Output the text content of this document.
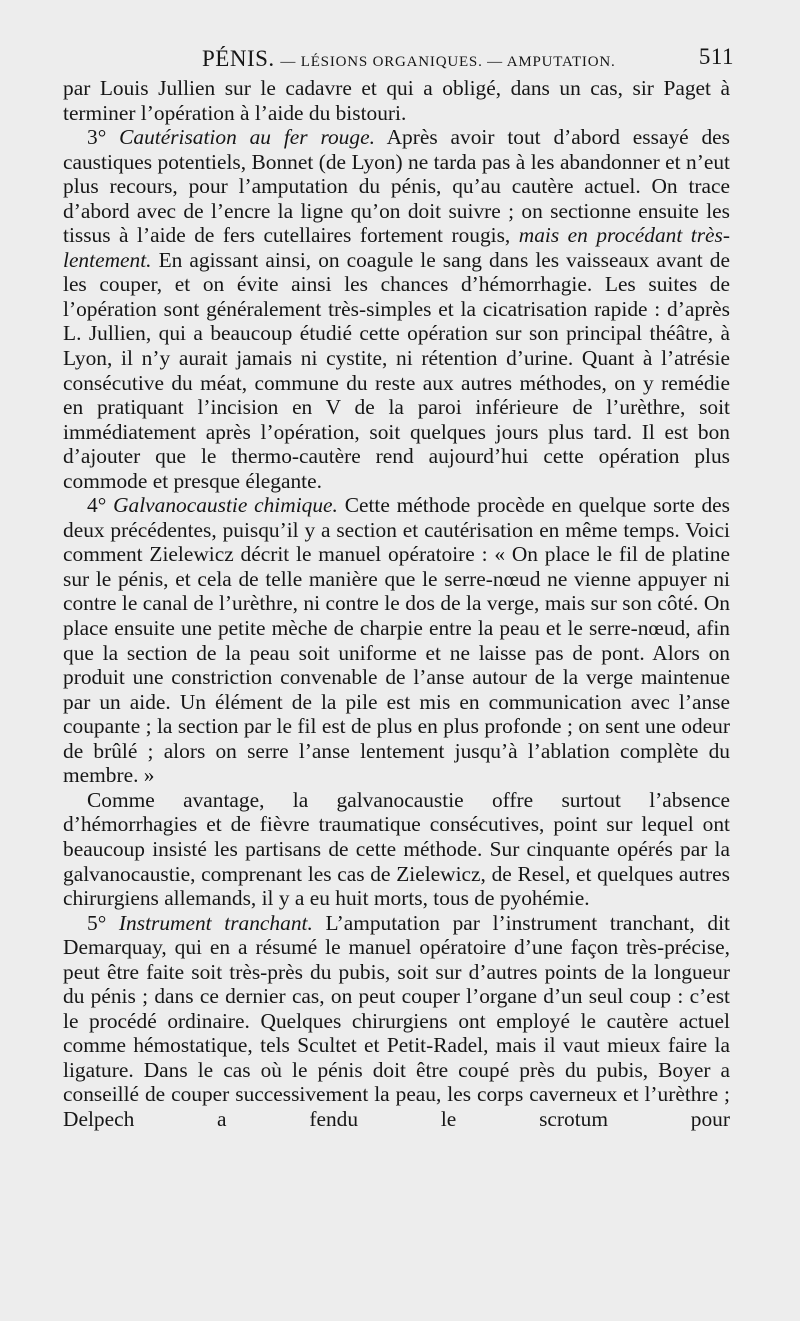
PÉNIS. — LÉSIONS ORGANIQUES. — AMPUTATION.	511

par Louis Jullien sur le cadavre et qui a obligé, dans un cas, sir Paget à terminer l’opération à l’aide du bistouri.

3° Cautérisation au fer rouge. Après avoir tout d’abord essayé des caustiques potentiels, Bonnet (de Lyon) ne tarda pas à les abandonner et n’eut plus recours, pour l’amputation du pénis, qu’au cautère actuel. On trace d’abord avec de l’encre la ligne qu’on doit suivre ; on sectionne ensuite les tissus à l’aide de fers cutellaires fortement rougis, mais en procédant très-lentement. En agissant ainsi, on coagule le sang dans les vaisseaux avant de les couper, et on évite ainsi les chances d’hémorrhagie. Les suites de l’opération sont généralement très-simples et la cicatrisation rapide : d’après L. Jullien, qui a beaucoup étudié cette opération sur son principal théâtre, à Lyon, il n’y aurait jamais ni cystite, ni rétention d’urine. Quant à l’atrésie consécutive du méat, commune du reste aux autres méthodes, on y remédie en pratiquant l’incision en V de la paroi inférieure de l’urèthre, soit immédiatement après l’opération, soit quelques jours plus tard. Il est bon d’ajouter que le thermo-cautère rend aujourd’hui cette opération plus commode et presque élegante.

4° Galvanocaustie chimique. Cette méthode procède en quelque sorte des deux précédentes, puisqu’il y a section et cautérisation en même temps. Voici comment Zielewicz décrit le manuel opératoire : « On place le fil de platine sur le pénis, et cela de telle manière que le serre-nœud ne vienne appuyer ni contre le canal de l’urèthre, ni contre le dos de la verge, mais sur son côté. On place ensuite une petite mèche de charpie entre la peau et le serre-nœud, afin que la section de la peau soit uniforme et ne laisse pas de pont. Alors on produit une constriction convenable de l’anse autour de la verge maintenue par un aide. Un élément de la pile est mis en communication avec l’anse coupante ; la section par le fil est de plus en plus profonde ; on sent une odeur de brûlé ; alors on serre l’anse lentement jusqu’à l’ablation complète du membre. »

Comme avantage, la galvanocaustie offre surtout l’absence d’hémorrhagies et de fièvre traumatique consécutives, point sur lequel ont beaucoup insisté les partisans de cette méthode. Sur cinquante opérés par la galvanocaustie, comprenant les cas de Zielewicz, de Resel, et quelques autres chirurgiens allemands, il y a eu huit morts, tous de pyohémie.

5° Instrument tranchant. L’amputation par l’instrument tranchant, dit Demarquay, qui en a résumé le manuel opératoire d’une façon très-précise, peut être faite soit très-près du pubis, soit sur d’autres points de la longueur du pénis ; dans ce dernier cas, on peut couper l’organe d’un seul coup : c’est le procédé ordinaire. Quelques chirurgiens ont employé le cautère actuel comme hémostatique, tels Scultet et Petit-Radel, mais il vaut mieux faire la ligature. Dans le cas où le pénis doit être coupé près du pubis, Boyer a conseillé de couper successivement la peau, les corps caverneux et l’urèthre ; Delpech a fendu le scrotum pour
